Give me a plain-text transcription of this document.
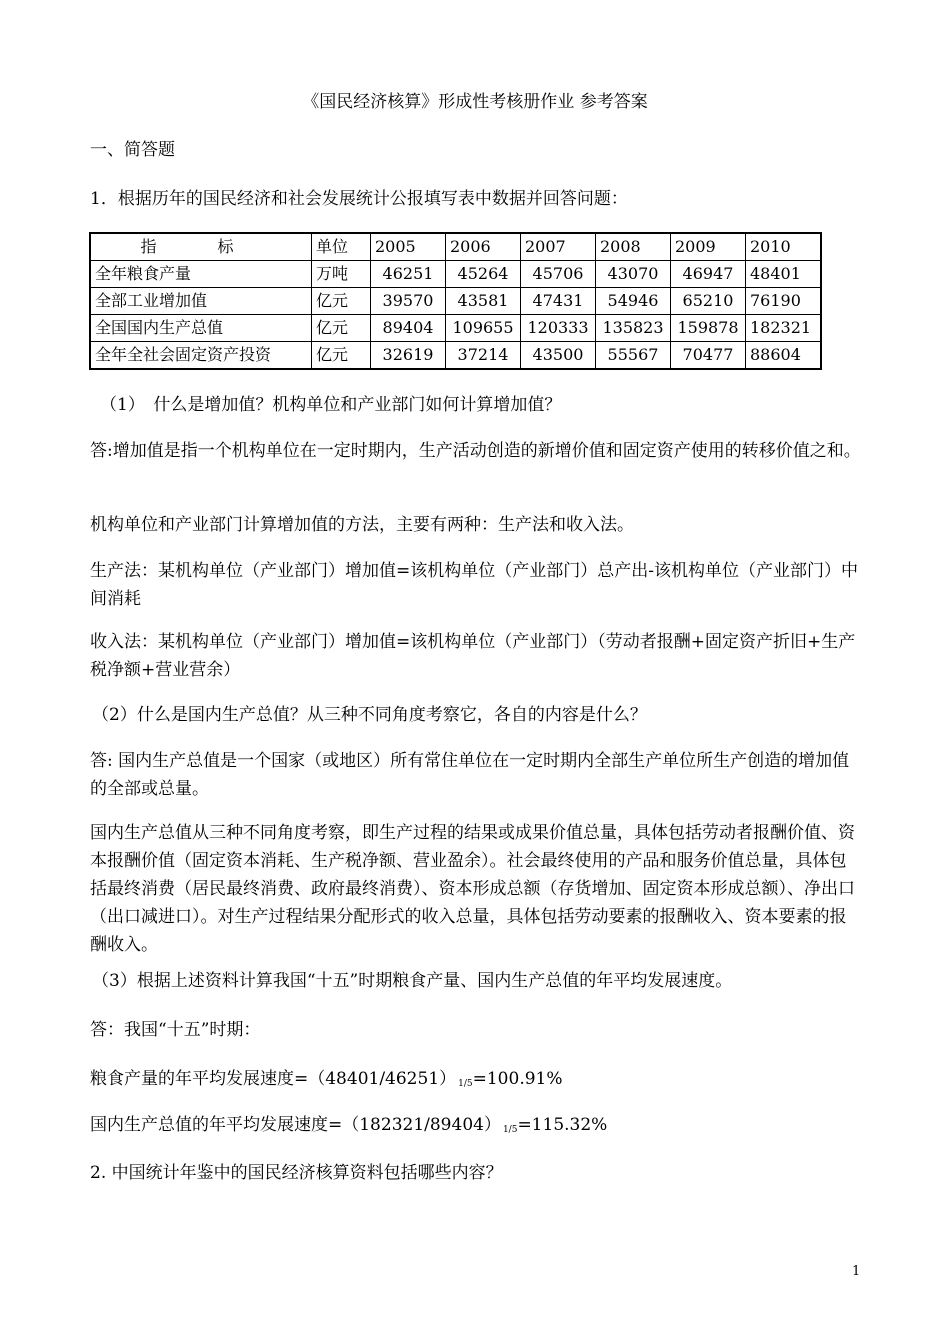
《国民经济核算》形成性考核册作业 参考答案
一、简答题
1．根据历年的国民经济和社会发展统计公报填写表中数据并回答问题：
指 标	单位	2005	2006	2007	2008	2009	2010
全年粮食产量	万吨	46251	45264	45706	43070	46947	48401
全部工业增加值	亿元	39570	43581	47431	54946	65210	76190
全国国内生产总值	亿元	89404	109655	120333	135823	159878	182321
全年全社会固定资产投资	亿元	32619	37214	43500	55567	70477	88604
（1）　什么是增加值？机构单位和产业部门如何计算增加值？
答:增加值是指一个机构单位在一定时期内，生产活动创造的新增价值和固定资产使用的转移价值之和。
机构单位和产业部门计算增加值的方法，主要有两种：生产法和收入法。
生产法：某机构单位（产业部门）增加值=该机构单位（产业部门）总产出-该机构单位（产业部门）中间消耗
收入法：某机构单位（产业部门）增加值=该机构单位（产业部门）（劳动者报酬+固定资产折旧+生产税净额+营业营余）
（2）什么是国内生产总值？从三种不同角度考察它，各自的内容是什么？
答: 国内生产总值是一个国家（或地区）所有常住单位在一定时期内全部生产单位所生产创造的增加值的全部或总量。
国内生产总值从三种不同角度考察，即生产过程的结果或成果价值总量，具体包括劳动者报酬价值、资本报酬价值（固定资本消耗、生产税净额、营业盈余）。社会最终使用的产品和服务价值总量，具体包括最终消费（居民最终消费、政府最终消费）、资本形成总额（存货增加、固定资本形成总额）、净出口（出口减进口）。对生产过程结果分配形式的收入总量，具体包括劳动要素的报酬收入、资本要素的报酬收入。
（3）根据上述资料计算我国“十五”时期粮食产量、国内生产总值的年平均发展速度。
答：我国“十五”时期：
粮食产量的年平均发展速度=（48401/46251） $^{1/5}$=100.91%
国内生产总值的年平均发展速度=（182321/89404） $^{1/5}$=115.32%
2. 中国统计年鉴中的国民经济核算资料包括哪些内容？
1
